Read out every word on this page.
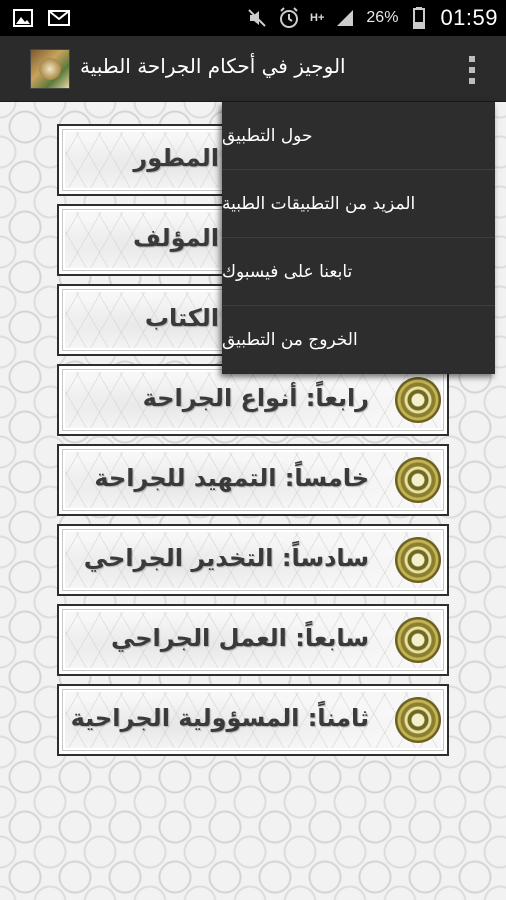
H+	26% 01:59
الوجيز في أحكام الجراحة الطبية
المطور
المؤلف
الكتاب
رابعاً: أنواع الجراحة
خامساً: التمهيد للجراحة
سادساً: التخدير الجراحي
سابعاً: العمل الجراحي
ثامناً: المسؤولية الجراحية
حول التطبيق
المزيد من التطبيقات الطبية
تابعنا على فيسبوك
الخروج من التطبيق
